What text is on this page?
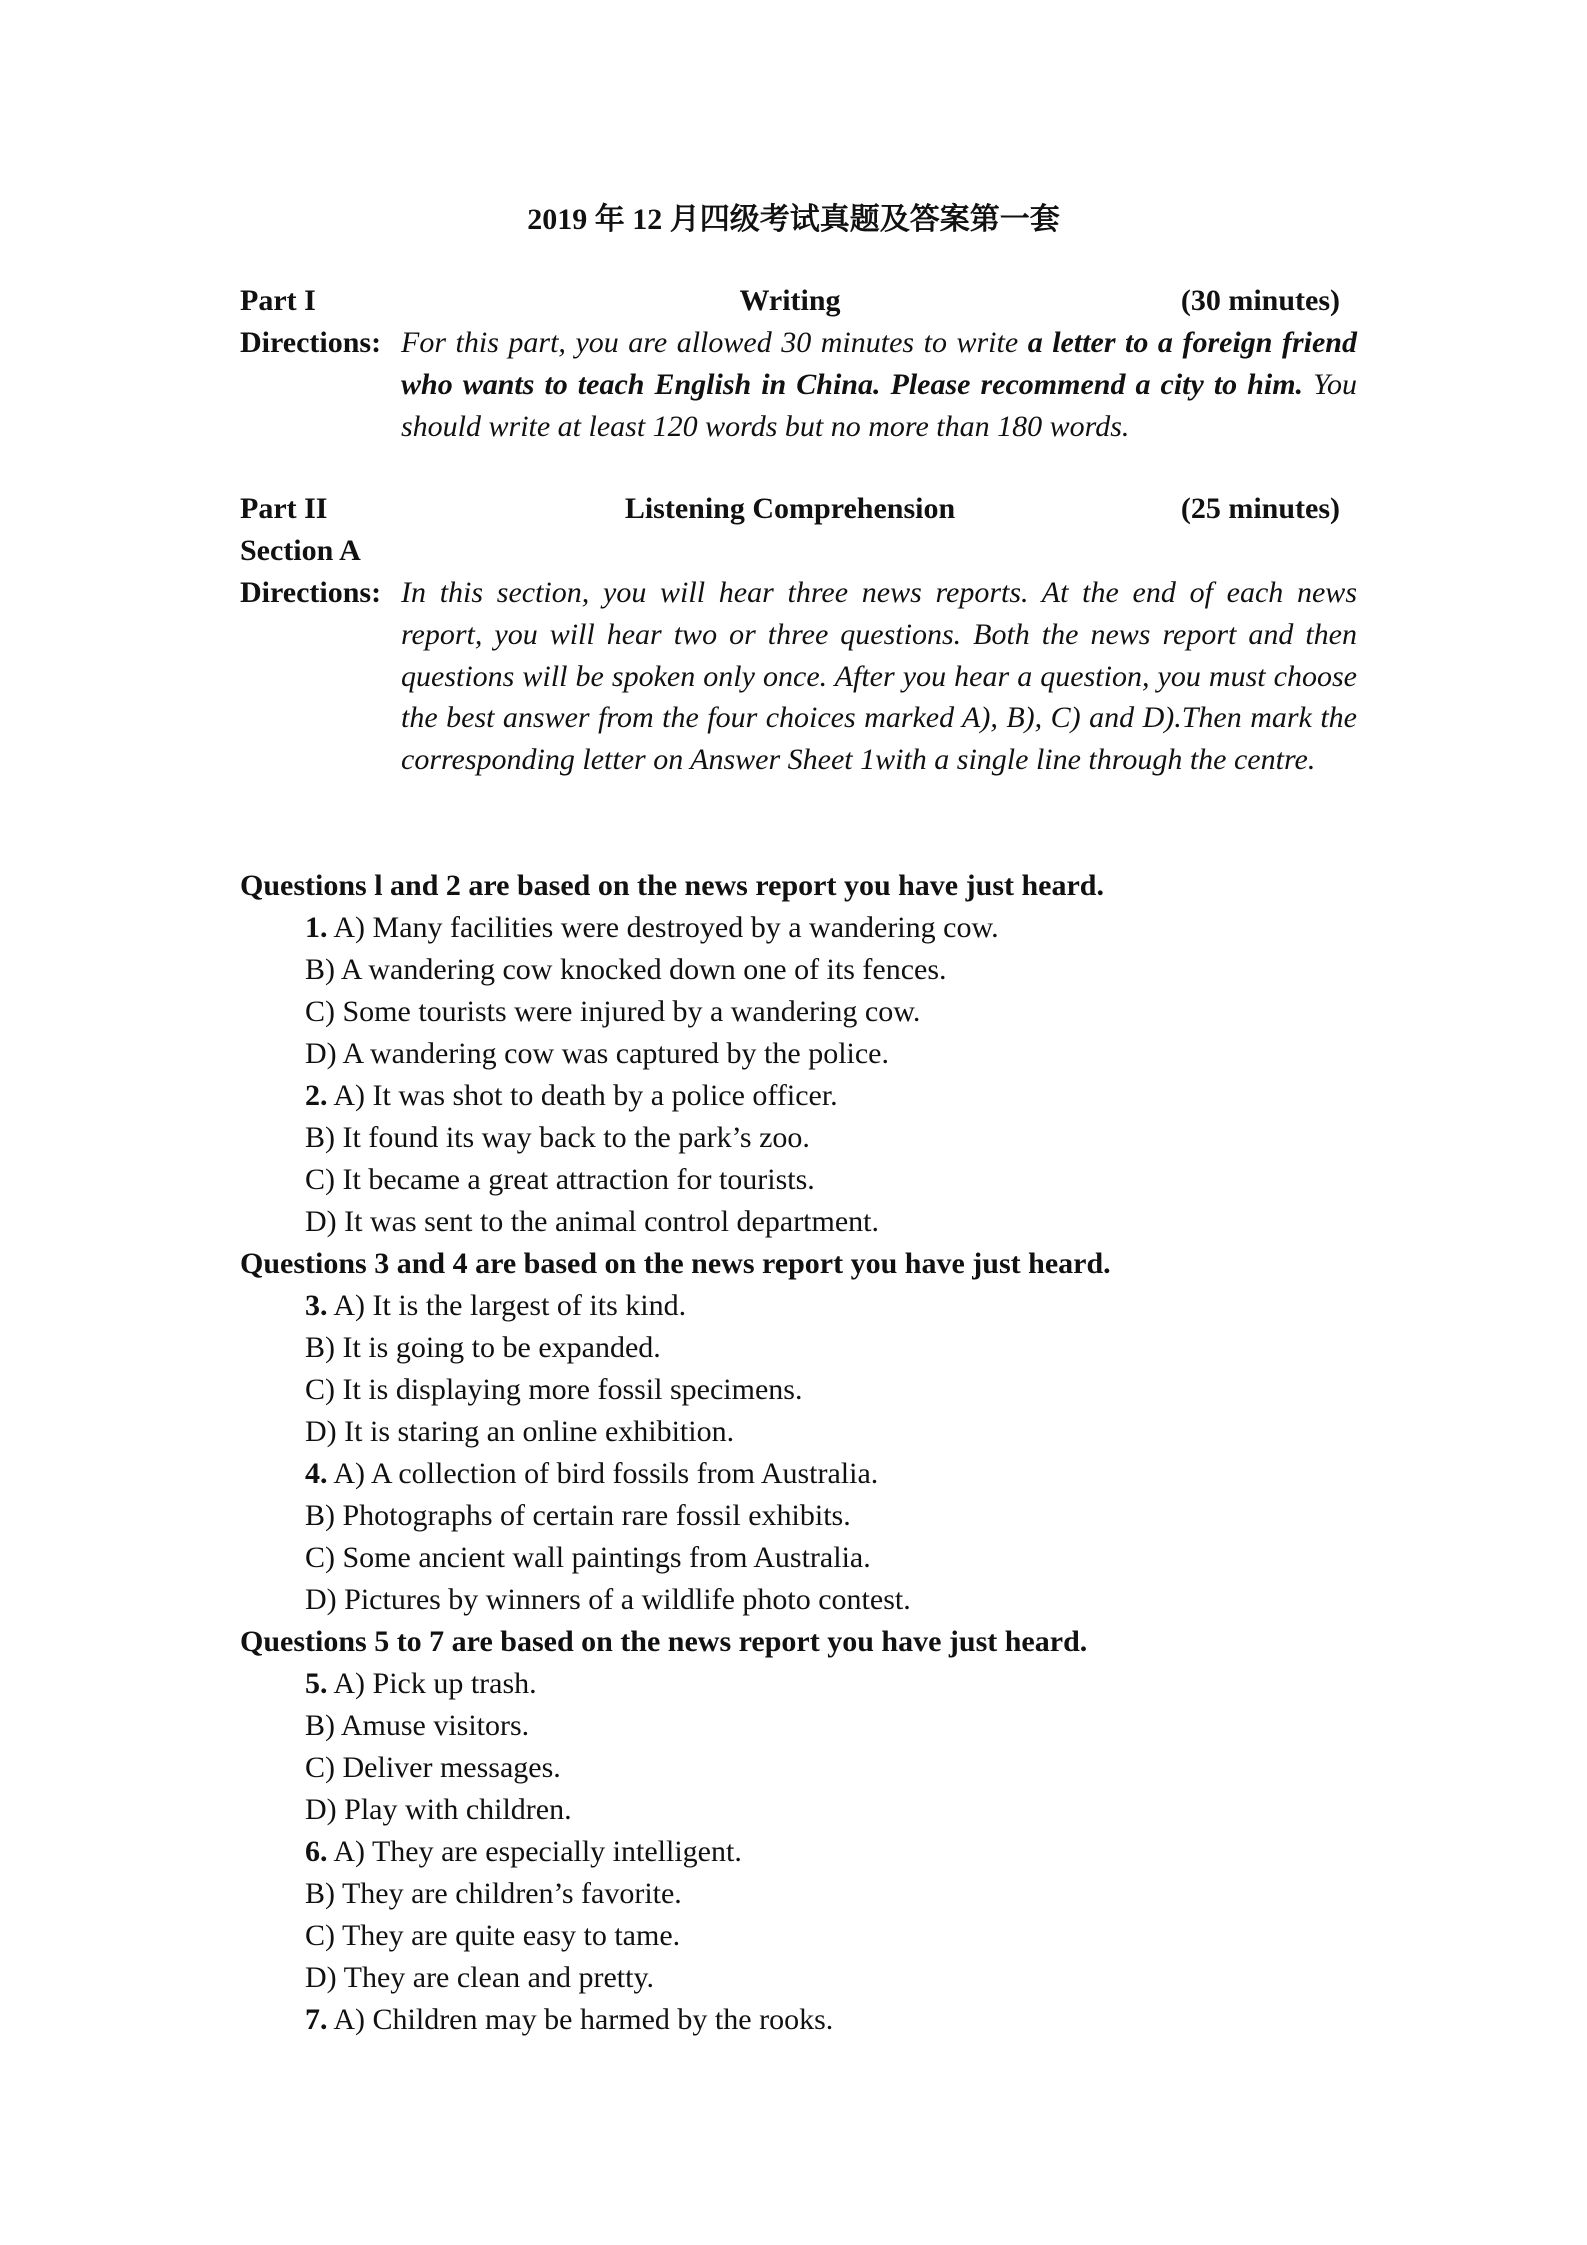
2019 年 12 月四级考试真题及答案第一套
Part I	Writing	(30 minutes)
Directions: For this part, you are allowed 30 minutes to write a letter to a foreign friend who wants to teach English in China. Please recommend a city to him. You should write at least 120 words but no more than 180 words.
Part II	Listening Comprehension	(25 minutes)
Section A
Directions: In this section, you will hear three news reports. At the end of each news report, you will hear two or three questions. Both the news report and then questions will be spoken only once. After you hear a question, you must choose the best answer from the four choices marked A), B), C) and D).Then mark the corresponding letter on Answer Sheet 1with a single line through the centre.
Questions l and 2 are based on the news report you have just heard.
1. A) Many facilities were destroyed by a wandering cow.
B) A wandering cow knocked down one of its fences.
C) Some tourists were injured by a wandering cow.
D) A wandering cow was captured by the police.
2. A) It was shot to death by a police officer.
B) It found its way back to the park’s zoo.
C) It became a great attraction for tourists.
D) It was sent to the animal control department.
Questions 3 and 4 are based on the news report you have just heard.
3. A) It is the largest of its kind.
B) It is going to be expanded.
C) It is displaying more fossil specimens.
D) It is staring an online exhibition.
4. A) A collection of bird fossils from Australia.
B) Photographs of certain rare fossil exhibits.
C) Some ancient wall paintings from Australia.
D) Pictures by winners of a wildlife photo contest.
Questions 5 to 7 are based on the news report you have just heard.
5. A) Pick up trash.
B) Amuse visitors.
C) Deliver messages.
D) Play with children.
6. A) They are especially intelligent.
B) They are children’s favorite.
C) They are quite easy to tame.
D) They are clean and pretty.
7. A) Children may be harmed by the rooks.
